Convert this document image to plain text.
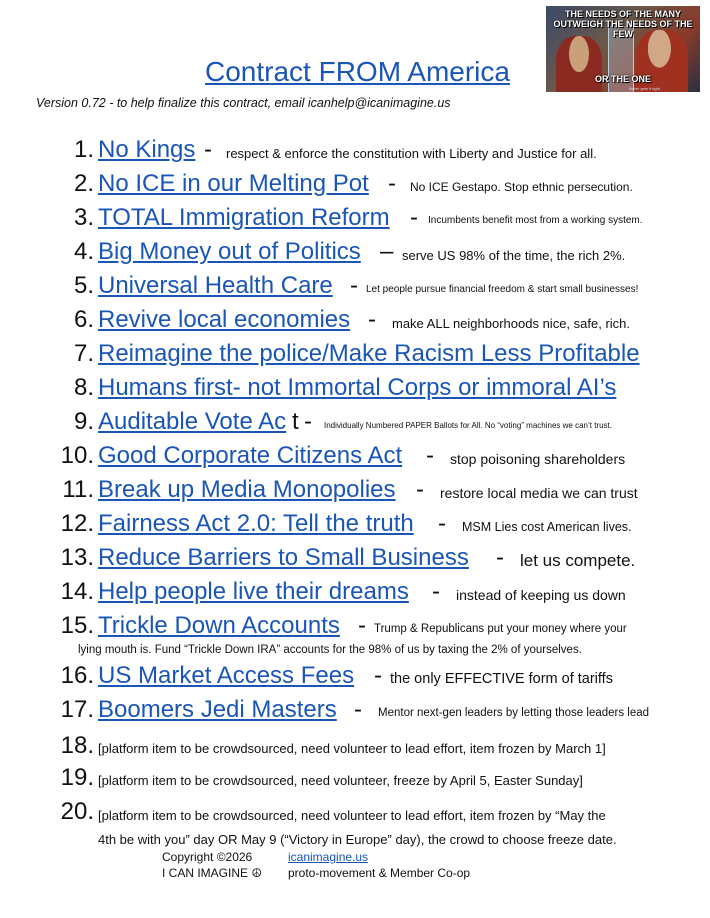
Contract FROM America
Version 0.72 - to help finalize this contract, email icanhelp@icanimagine.us
THE NEEDS OF THE MANY OUTWEIGH THE NEEDS OF THE FEW
OR THE ONE
Never gets it right
1. No Kings - respect & enforce the constitution with Liberty and Justice for all.
2. No ICE in our Melting Pot - No ICE Gestapo. Stop ethnic persecution.
3. TOTAL Immigration Reform - Incumbents benefit most from a working system.
4. Big Money out of Politics – serve US 98% of the time, the rich 2%.
5. Universal Health Care - Let people pursue financial freedom & start small businesses!
6. Revive local economies - make ALL neighborhoods nice, safe, rich.
7. Reimagine the police/Make Racism Less Profitable
8. Humans first- not Immortal Corps or immoral AI’s
9. Auditable Vote Ac t - Individually Numbered PAPER Ballots for All. No “voting” machines we can’t trust.
10. Good Corporate Citizens Act - stop poisoning shareholders
11. Break up Media Monopolies - restore local media we can trust
12. Fairness Act 2.0: Tell the truth - MSM Lies cost American lives.
13. Reduce Barriers to Small Business - let us compete.
14. Help people live their dreams - instead of keeping us down
15. Trickle Down Accounts - Trump & Republicans put your money where your
lying mouth is. Fund “Trickle Down IRA” accounts for the 98% of us by taxing the 2% of yourselves.
16. US Market Access Fees - the only EFFECTIVE form of tariffs
17. Boomers Jedi Masters - Mentor next-gen leaders by letting those leaders lead
18. [platform item to be crowdsourced, need volunteer to lead effort, item frozen by March 1]
19. [platform item to be crowdsourced, need volunteer, freeze by April 5, Easter Sunday]
20. [platform item to be crowdsourced, need volunteer to lead effort, item frozen by “May the
4th be with you” day OR May 9 (“Victory in Europe” day), the crowd to choose freeze date.
Copyright ©2026	icanimagine.us
I CAN IMAGINE ☮ proto-movement & Member Co-op
